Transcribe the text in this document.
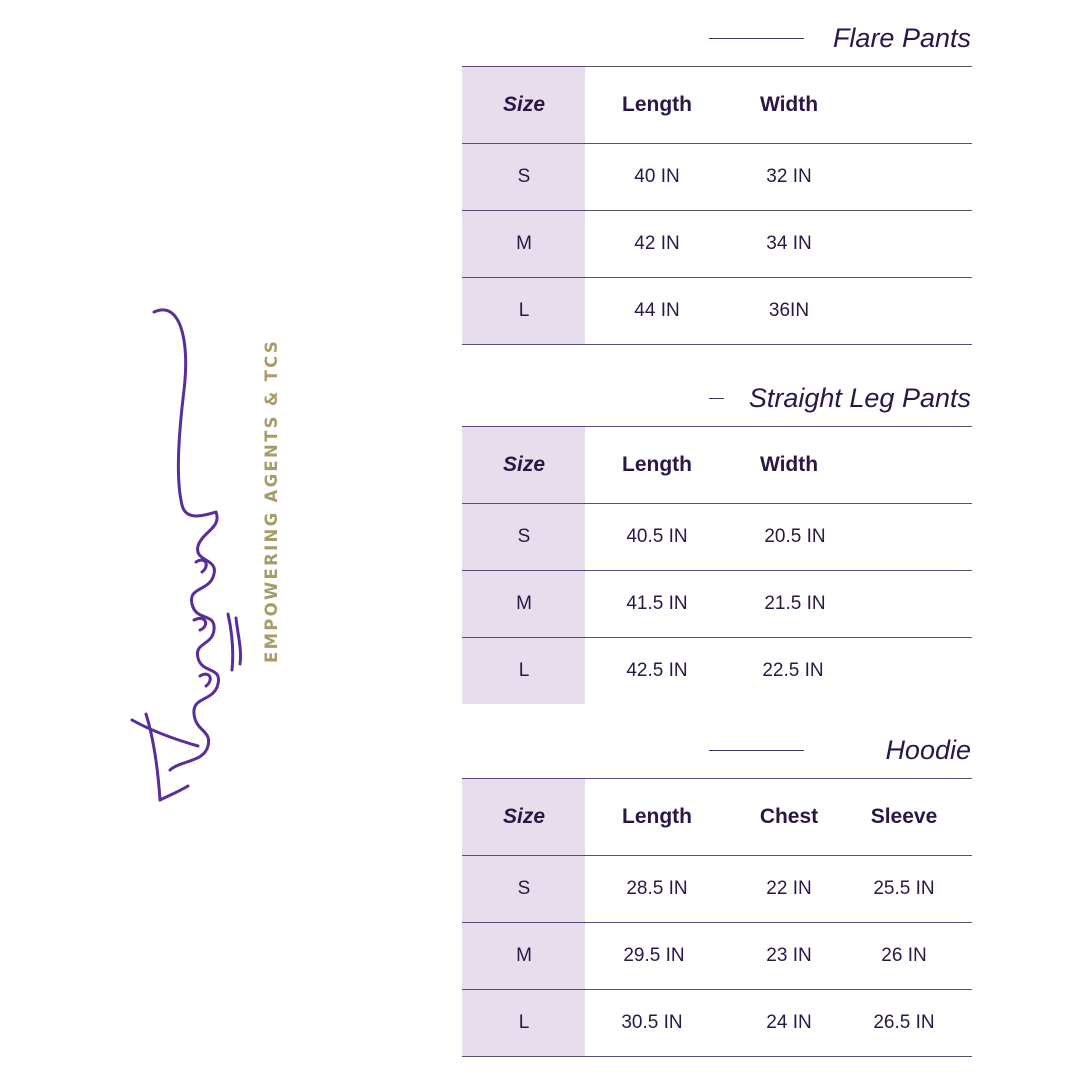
EMPOWERING AGENTS & TCS
Flare Pants
Size	Length	Width
S	40 IN	32 IN
M	42 IN	34 IN
L	44 IN	36IN
Straight Leg Pants
Size	Length	Width
S	40.5 IN	20.5 IN
M	41.5 IN	21.5 IN
L	42.5 IN	22.5 IN
Hoodie
Size	Length	Chest	Sleeve
S	28.5 IN	22 IN	25.5 IN
M	29.5 IN	23 IN	26 IN
L	30.5 IN	24 IN	26.5 IN
